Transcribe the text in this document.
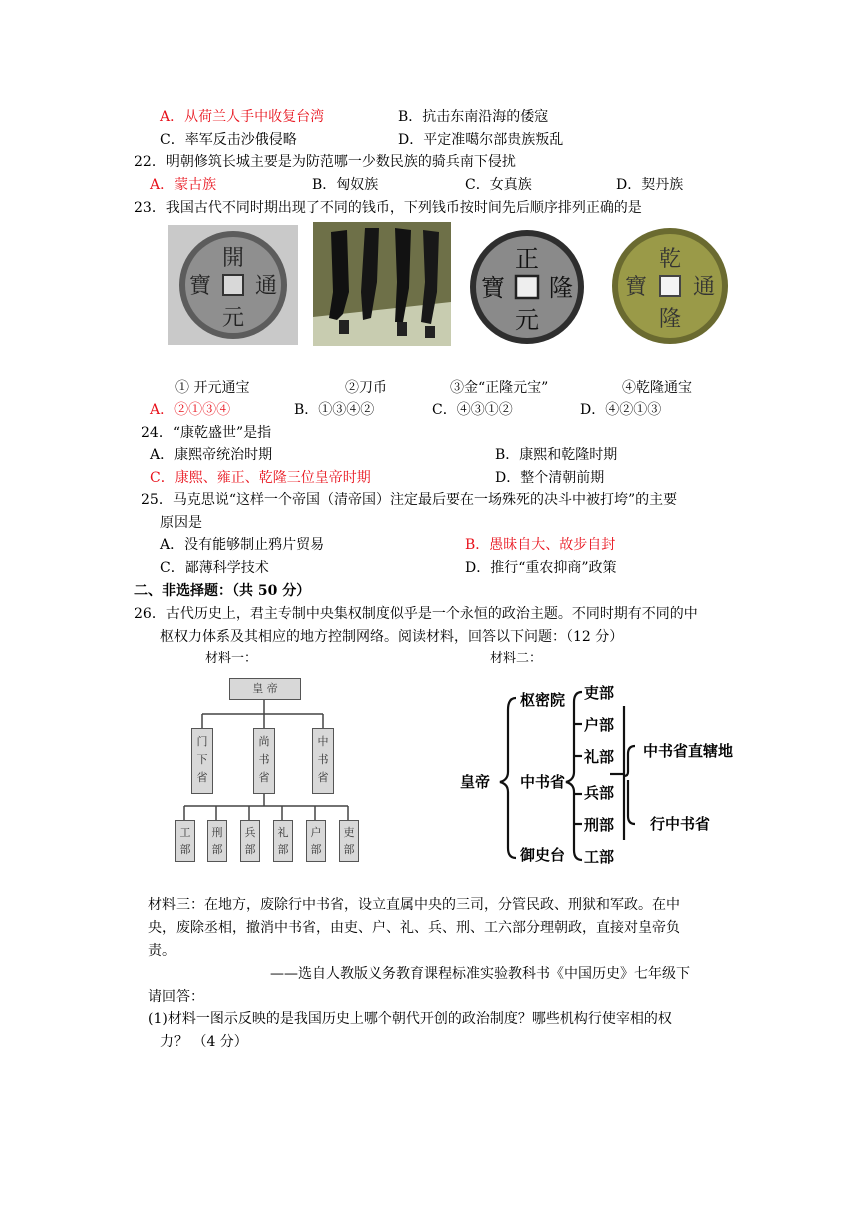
A．从荷兰人手中收复台湾	B．抗击东南沿海的倭寇
C．率军反击沙俄侵略	D．平定准噶尔部贵族叛乱
22．明朝修筑长城主要是为防范哪一少数民族的骑兵南下侵扰
A．蒙古族	B．匈奴族	C．女真族	D．契丹族
23．我国古代不同时期出现了不同的钱币，下列钱币按时间先后顺序排列正确的是
開
通
元
寶
正
隆
元
寶
乾
通
隆
寶
① 开元通宝	②刀币	③金“正隆元宝”	④乾隆通宝
A．②①③④	B．①③④②	C．④③①②	D．④②①③
24．“康乾盛世”是指
A．康熙帝统治时期	B．康熙和乾隆时期
C．康熙、雍正、乾隆三位皇帝时期	D．整个清朝前期
25．马克思说“这样一个帝国（清帝国）注定最后要在一场殊死的决斗中被打垮”的主要
原因是
A．没有能够制止鸦片贸易	B．愚昧自大、故步自封
C．鄙薄科学技术	D．推行“重农抑商”政策
二、非选择题：（共 50 分）
26．古代历史上，君主专制中央集权制度似乎是一个永恒的政治主题。不同时期有不同的中
枢权力体系及其相应的地方控制网络。阅读材料，回答以下问题：（12 分）
材料一：	材料二：
皇 帝
门下省
尚书省
中书省
工部
刑部
兵部
礼部
户部
吏部
皇帝
枢密院
中书省
御史台
吏部
户部
礼部
兵部
刑部
工部
中书省直辖地
行中书省
材料三：在地方，废除行中书省，设立直属中央的三司，分管民政、刑狱和军政。在中
央，废除丞相，撤消中书省，由吏、户、礼、兵、刑、工六部分理朝政，直接对皇帝负
责。
——选自人教版义务教育课程标准实验教科书《中国历史》七年级下
请回答：
(1)材料一图示反映的是我国历史上哪个朝代开创的政治制度？哪些机构行使宰相的权
力？ （4 分）
